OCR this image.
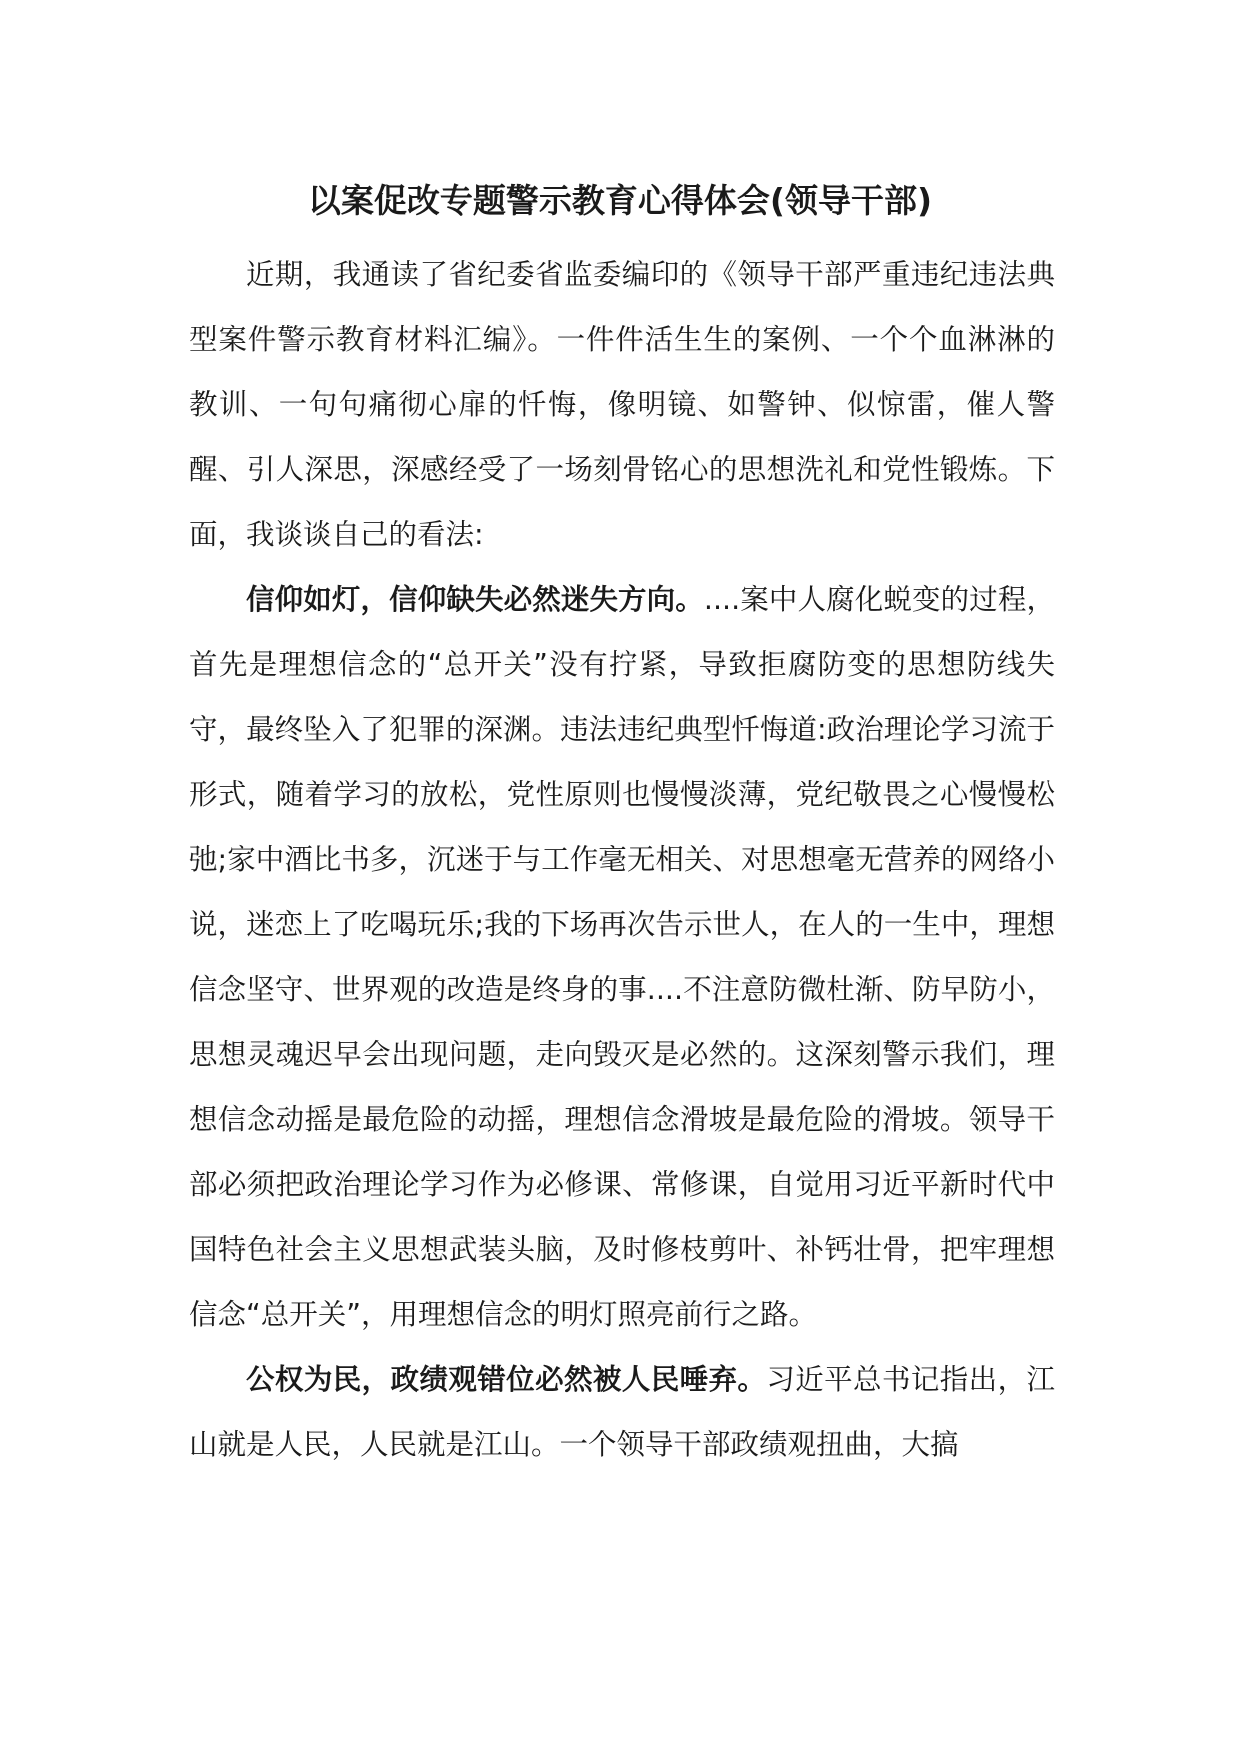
以案促改专题警示教育心得体会(领导干部)

近期，我通读了省纪委省监委编印的《领导干部严重违纪违法典型案件警示教育材料汇编》。一件件活生生的案例、一个个血淋淋的教训、一句句痛彻心扉的忏悔，像明镜、如警钟、似惊雷，催人警醒、引人深思，深感经受了一场刻骨铭心的思想洗礼和党性锻炼。下面，我谈谈自己的看法:

信仰如灯，信仰缺失必然迷失方向。....案中人腐化蜕变的过程，首先是理想信念的“总开关”没有拧紧，导致拒腐防变的思想防线失守，最终坠入了犯罪的深渊。违法违纪典型忏悔道:政治理论学习流于形式，随着学习的放松，党性原则也慢慢淡薄，党纪敬畏之心慢慢松弛;家中酒比书多，沉迷于与工作毫无相关、对思想毫无营养的网络小说，迷恋上了吃喝玩乐;我的下场再次告示世人，在人的一生中，理想信念坚守、世界观的改造是终身的事....不注意防微杜渐、防早防小，思想灵魂迟早会出现问题，走向毁灭是必然的。这深刻警示我们，理想信念动摇是最危险的动摇，理想信念滑坡是最危险的滑坡。领导干部必须把政治理论学习作为必修课、常修课，自觉用习近平新时代中国特色社会主义思想武装头脑，及时修枝剪叶、补钙壮骨，把牢理想信念“总开关”，用理想信念的明灯照亮前行之路。

公权为民，政绩观错位必然被人民唾弃。习近平总书记指出，江山就是人民，人民就是江山。一个领导干部政绩观扭曲，大搞
